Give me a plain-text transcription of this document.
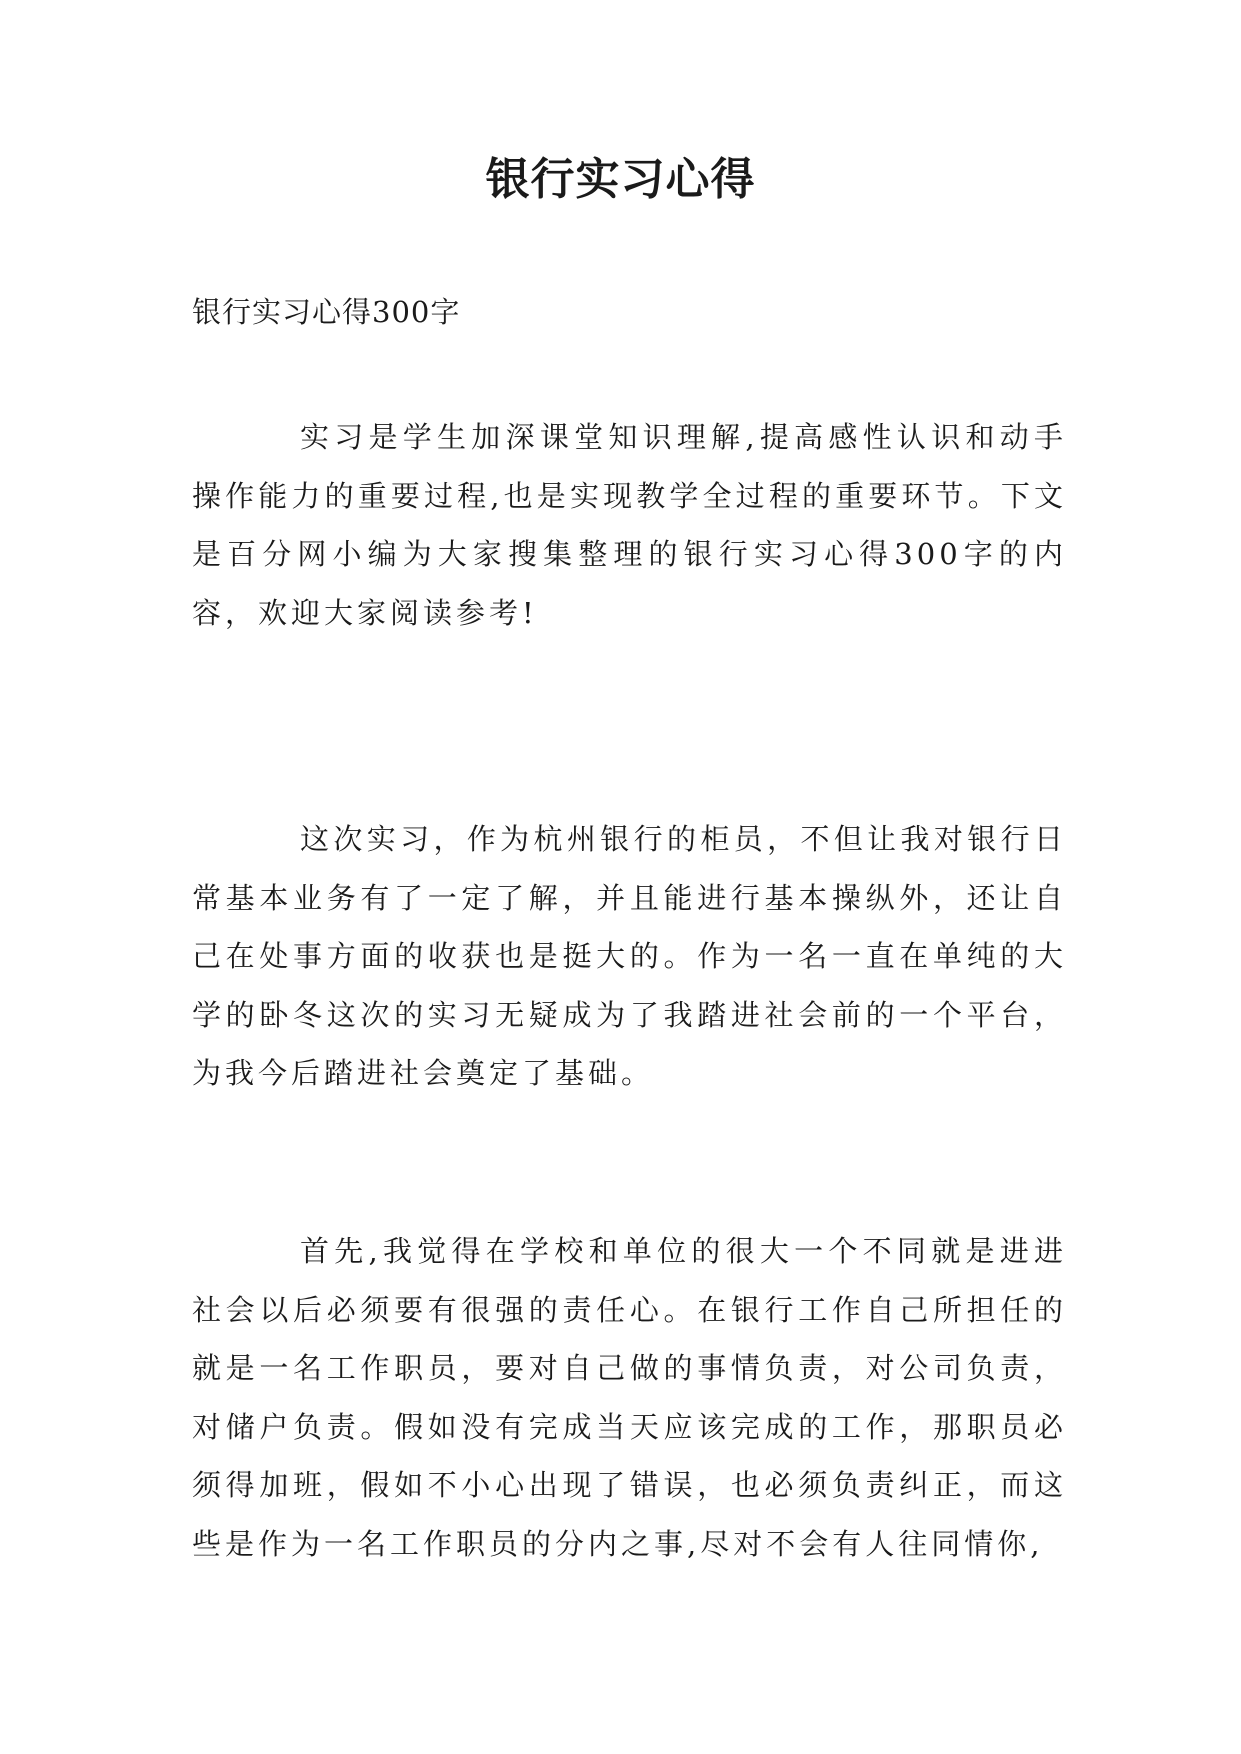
银行实习心得

银行实习心得300字

实习是学生加深课堂知识理解,提高感性认识和动手操作能力的重要过程,也是实现教学全过程的重要环节。下文是百分网小编为大家搜集整理的银行实习心得300字的内容，欢迎大家阅读参考!

这次实习，作为杭州银行的柜员，不但让我对银行日常基本业务有了一定了解，并且能进行基本操纵外，还让自己在处事方面的收获也是挺大的。作为一名一直在单纯的大学的卧冬这次的实习无疑成为了我踏进社会前的一个平台，为我今后踏进社会奠定了基础。

首先,我觉得在学校和单位的很大一个不同就是进进社会以后必须要有很强的责任心。在银行工作自己所担任的就是一名工作职员，要对自己做的事情负责，对公司负责，对储户负责。假如没有完成当天应该完成的工作，那职员必须得加班，假如不小心出现了错误，也必须负责纠正，而这些是作为一名工作职员的分内之事,尽对不会有人往同情你,
